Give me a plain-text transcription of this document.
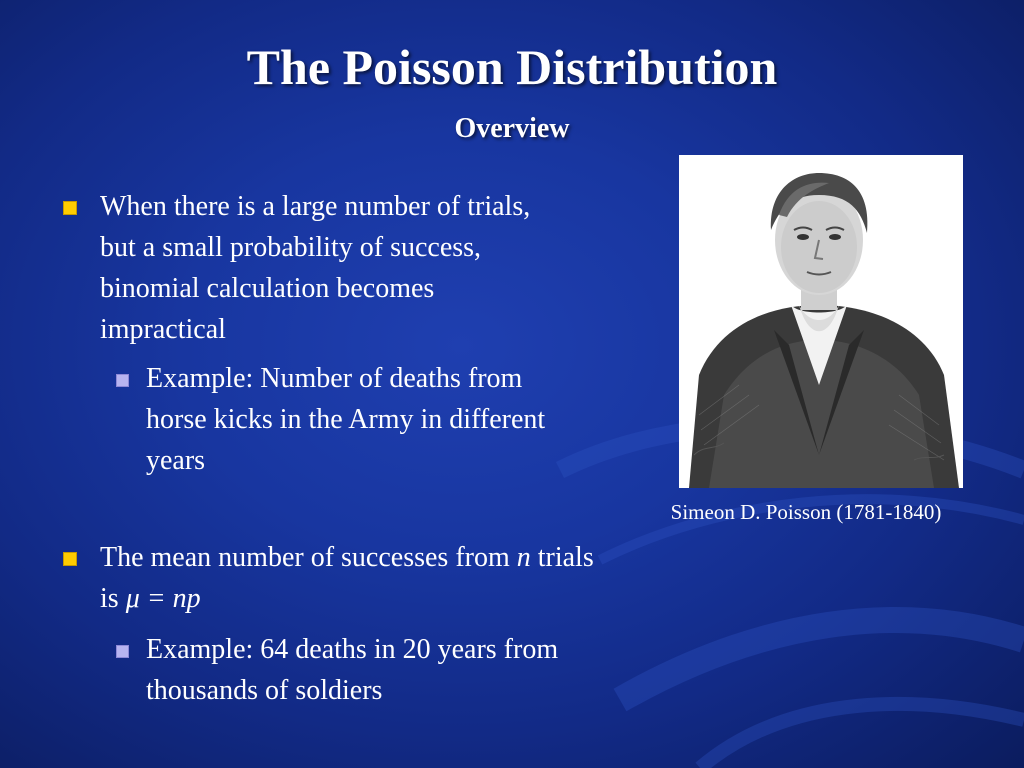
The Poisson Distribution
Overview
When there is a large number of trials, but a small probability of success, binomial calculation becomes impractical
Example: Number of deaths from horse kicks in the Army in different years
The mean number of successes from n trials is μ = np
Example: 64 deaths in 20 years from thousands of soldiers
Simeon D. Poisson (1781-1840)
